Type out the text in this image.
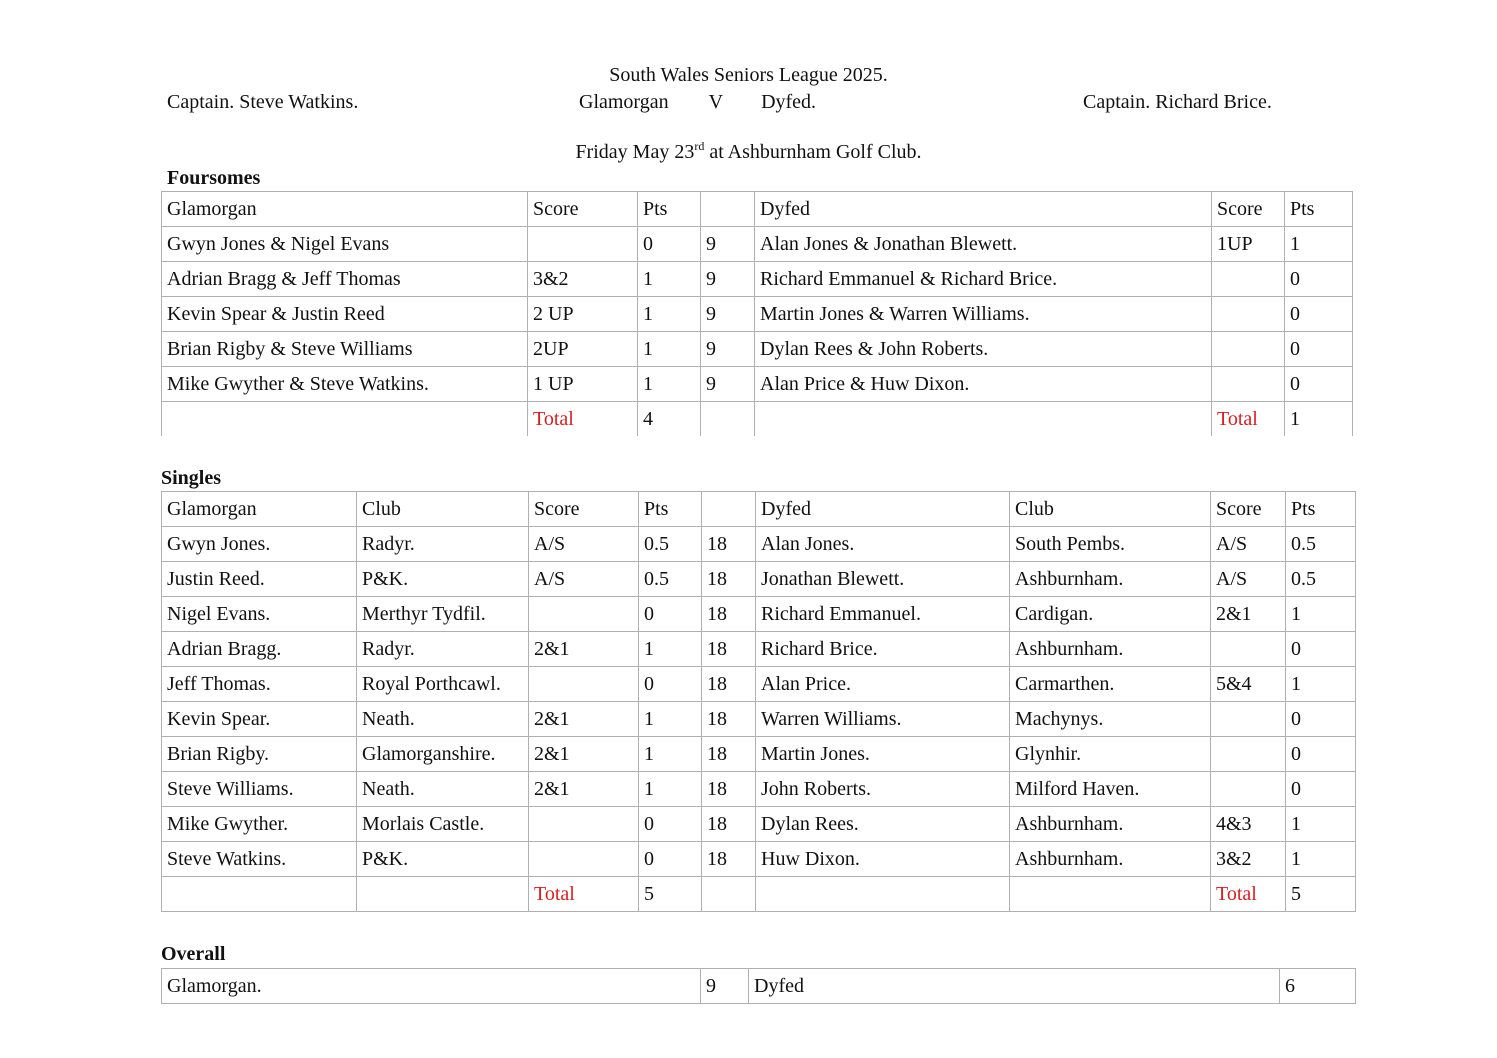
South Wales Seniors League 2025.
Captain. Steve Watkins.	Glamorgan V Dyfed.	Captain. Richard Brice.
Friday May 23rd at Ashburnham Golf Club.
Foursomes
Glamorgan	Score	Pts		Dyfed	Score	Pts
Gwyn Jones & Nigel Evans		0	9	Alan Jones & Jonathan Blewett.	1UP	1
Adrian Bragg & Jeff Thomas	3&2	1	9	Richard Emmanuel & Richard Brice.		0
Kevin Spear & Justin Reed	2 UP	1	9	Martin Jones & Warren Williams.		0
Brian Rigby & Steve Williams	2UP	1	9	Dylan Rees & John Roberts.		0
Mike Gwyther & Steve Watkins.	1 UP	1	9	Alan Price & Huw Dixon.		0
	Total	4			Total	1
Singles
Glamorgan	Club	Score	Pts		Dyfed	Club	Score	Pts
Gwyn Jones.	Radyr.	A/S	0.5	18	Alan Jones.	South Pembs.	A/S	0.5
Justin Reed.	P&K.	A/S	0.5	18	Jonathan Blewett.	Ashburnham.	A/S	0.5
Nigel Evans.	Merthyr Tydfil.		0	18	Richard Emmanuel.	Cardigan.	2&1	1
Adrian Bragg.	Radyr.	2&1	1	18	Richard Brice.	Ashburnham.		0
Jeff Thomas.	Royal Porthcawl.		0	18	Alan Price.	Carmarthen.	5&4	1
Kevin Spear.	Neath.	2&1	1	18	Warren Williams.	Machynys.		0
Brian Rigby.	Glamorganshire.	2&1	1	18	Martin Jones.	Glynhir.		0
Steve Williams.	Neath.	2&1	1	18	John Roberts.	Milford Haven.		0
Mike Gwyther.	Morlais Castle.		0	18	Dylan Rees.	Ashburnham.	4&3	1
Steve Watkins.	P&K.		0	18	Huw Dixon.	Ashburnham.	3&2	1
		Total	5				Total	5
Overall
Glamorgan.	9	Dyfed	6
